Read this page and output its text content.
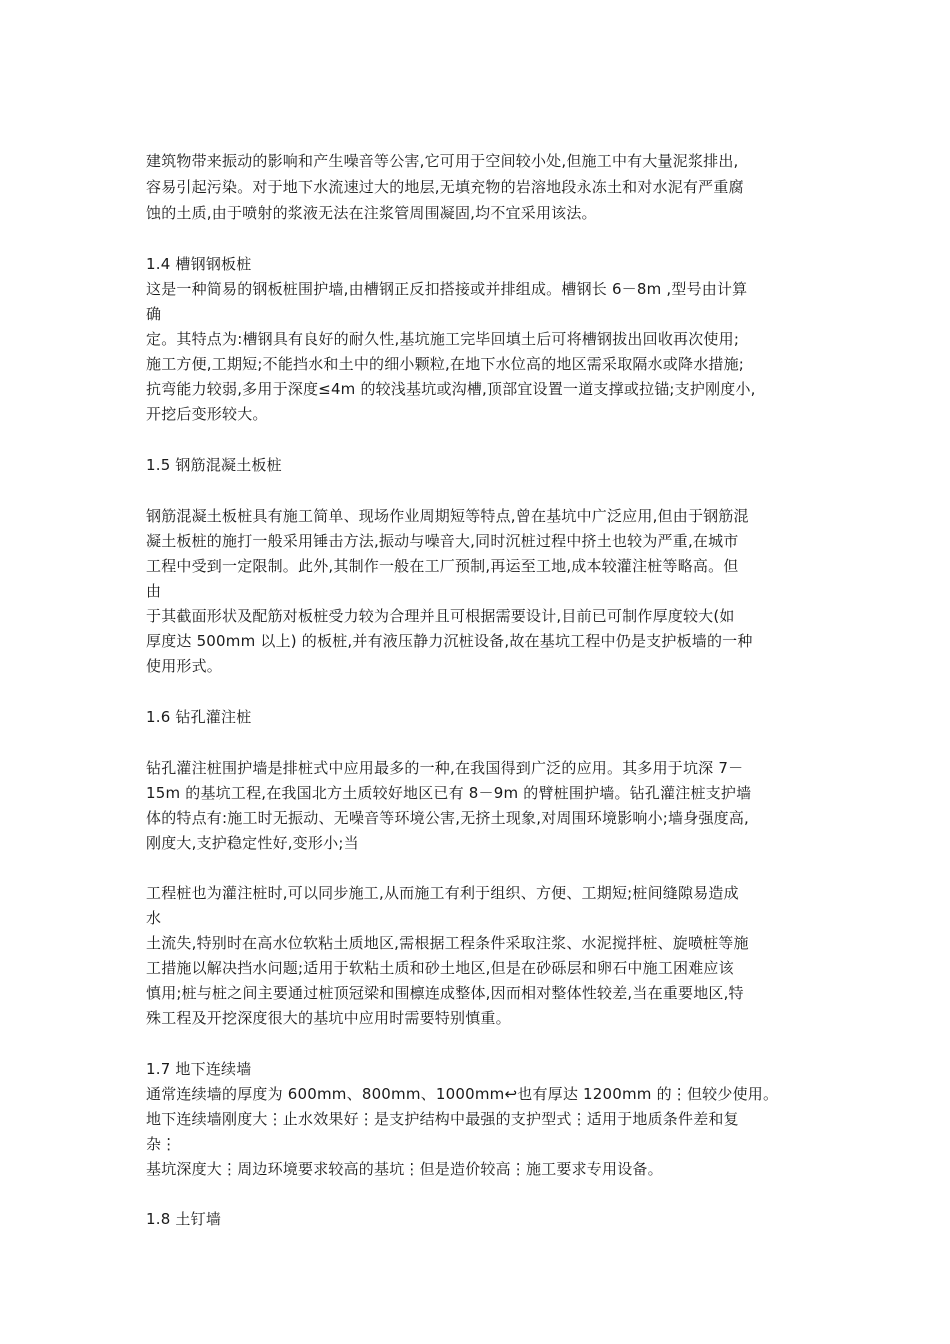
建筑物带来振动的影响和产生噪音等公害,它可用于空间较小处,但施工中有大量泥浆排出,
容易引起污染。对于地下水流速过大的地层,无填充物的岩溶地段永冻土和对水泥有严重腐
蚀的土质,由于喷射的浆液无法在注浆管周围凝固,均不宜采用该法。
1.4 槽钢钢板桩
这是一种简易的钢板桩围护墙,由槽钢正反扣搭接或并排组成。槽钢长 6－8m ,型号由计算
确
定。其特点为:槽钢具有良好的耐久性,基坑施工完毕回填土后可将槽钢拔出回收再次使用;
施工方便,工期短;不能挡水和土中的细小颗粒,在地下水位高的地区需采取隔水或降水措施;
抗弯能力较弱,多用于深度≤4m 的较浅基坑或沟槽,顶部宜设置一道支撑或拉锚;支护刚度小,
开挖后变形较大。
1.5 钢筋混凝土板桩
钢筋混凝土板桩具有施工简单、现场作业周期短等特点,曾在基坑中广泛应用,但由于钢筋混
凝土板桩的施打一般采用锤击方法,振动与噪音大,同时沉桩过程中挤土也较为严重,在城市
工程中受到一定限制。此外,其制作一般在工厂预制,再运至工地,成本较灌注桩等略高。但
由
于其截面形状及配筋对板桩受力较为合理并且可根据需要设计,目前已可制作厚度较大(如
厚度达 500mm 以上) 的板桩,并有液压静力沉桩设备,故在基坑工程中仍是支护板墙的一种
使用形式。
1.6 钻孔灌注桩
钻孔灌注桩围护墙是排桩式中应用最多的一种,在我国得到广泛的应用。其多用于坑深 7－
15m 的基坑工程,在我国北方土质较好地区已有 8－9m 的臂桩围护墙。钻孔灌注桩支护墙
体的特点有:施工时无振动、无噪音等环境公害,无挤土现象,对周围环境影响小;墙身强度高,
刚度大,支护稳定性好,变形小;当
工程桩也为灌注桩时,可以同步施工,从而施工有利于组织、方便、工期短;桩间缝隙易造成
水
土流失,特别时在高水位软粘土质地区,需根据工程条件采取注浆、水泥搅拌桩、旋喷桩等施
工措施以解决挡水问题;适用于软粘土质和砂土地区,但是在砂砾层和卵石中施工困难应该
慎用;桩与桩之间主要通过桩顶冠梁和围檩连成整体,因而相对整体性较差,当在重要地区,特
殊工程及开挖深度很大的基坑中应用时需要特别慎重。
1.7 地下连续墙
通常连续墙的厚度为 600mm、800mm、1000mm↩也有厚达 1200mm 的⋮但较少使用。
地下连续墙刚度大⋮止水效果好⋮是支护结构中最强的支护型式⋮适用于地质条件差和复
杂⋮
基坑深度大⋮周边环境要求较高的基坑⋮但是造价较高⋮施工要求专用设备。
1.8 土钉墙
